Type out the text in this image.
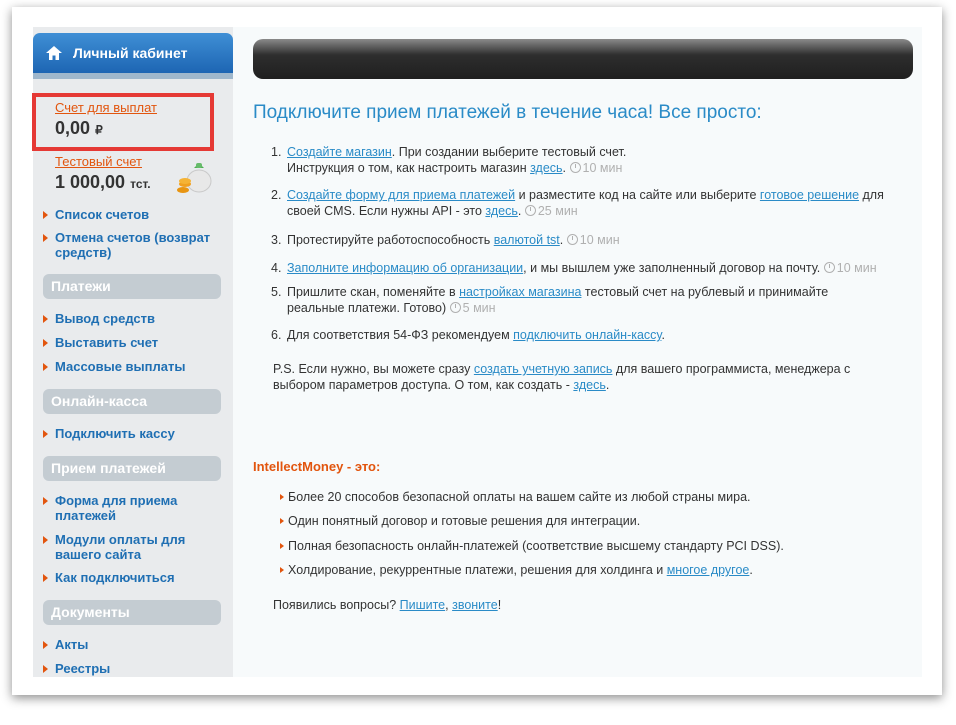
Личный кабинет
Счет для выплат
0,00 ₽
Тестовый счет
1 000,00 тст.
Список счетов
Отмена счетов (возврат средств)
Платежи
Вывод средств
Выставить счет
Массовые выплаты
Онлайн-касса
Подключить кассу
Прием платежей
Форма для приема платежей
Модули оплаты для вашего сайта
Как подключиться
Документы
Акты
Реестры
Подключите прием платежей в течение часа! Все просто:
1. Создайте магазин. При создании выберите тестовый счет. Инструкция о том, как настроить магазин здесь. 10 мин
2. Создайте форму для приема платежей и разместите код на сайте или выберите готовое решение для своей CMS. Если нужны API - это здесь. 25 мин
3. Протестируйте работоспособность валютой tst. 10 мин
4. Заполните информацию об организации, и мы вышлем уже заполненный договор на почту. 10 мин
5. Пришлите скан, поменяйте в настройках магазина тестовый счет на рублевый и принимайте реальные платежи. Готово) 5 мин
6. Для соответствия 54-ФЗ рекомендуем подключить онлайн-кассу.
P.S. Если нужно, вы можете сразу создать учетную запись для вашего программиста, менеджера с выбором параметров доступа. О том, как создать - здесь.
IntellectMoney - это:
Более 20 способов безопасной оплаты на вашем сайте из любой страны мира.
Один понятный договор и готовые решения для интеграции.
Полная безопасность онлайн-платежей (соответствие высшему стандарту PCI DSS).
Холдирование, рекуррентные платежи, решения для холдинга и многое другое.
Появились вопросы? Пишите, звоните!
